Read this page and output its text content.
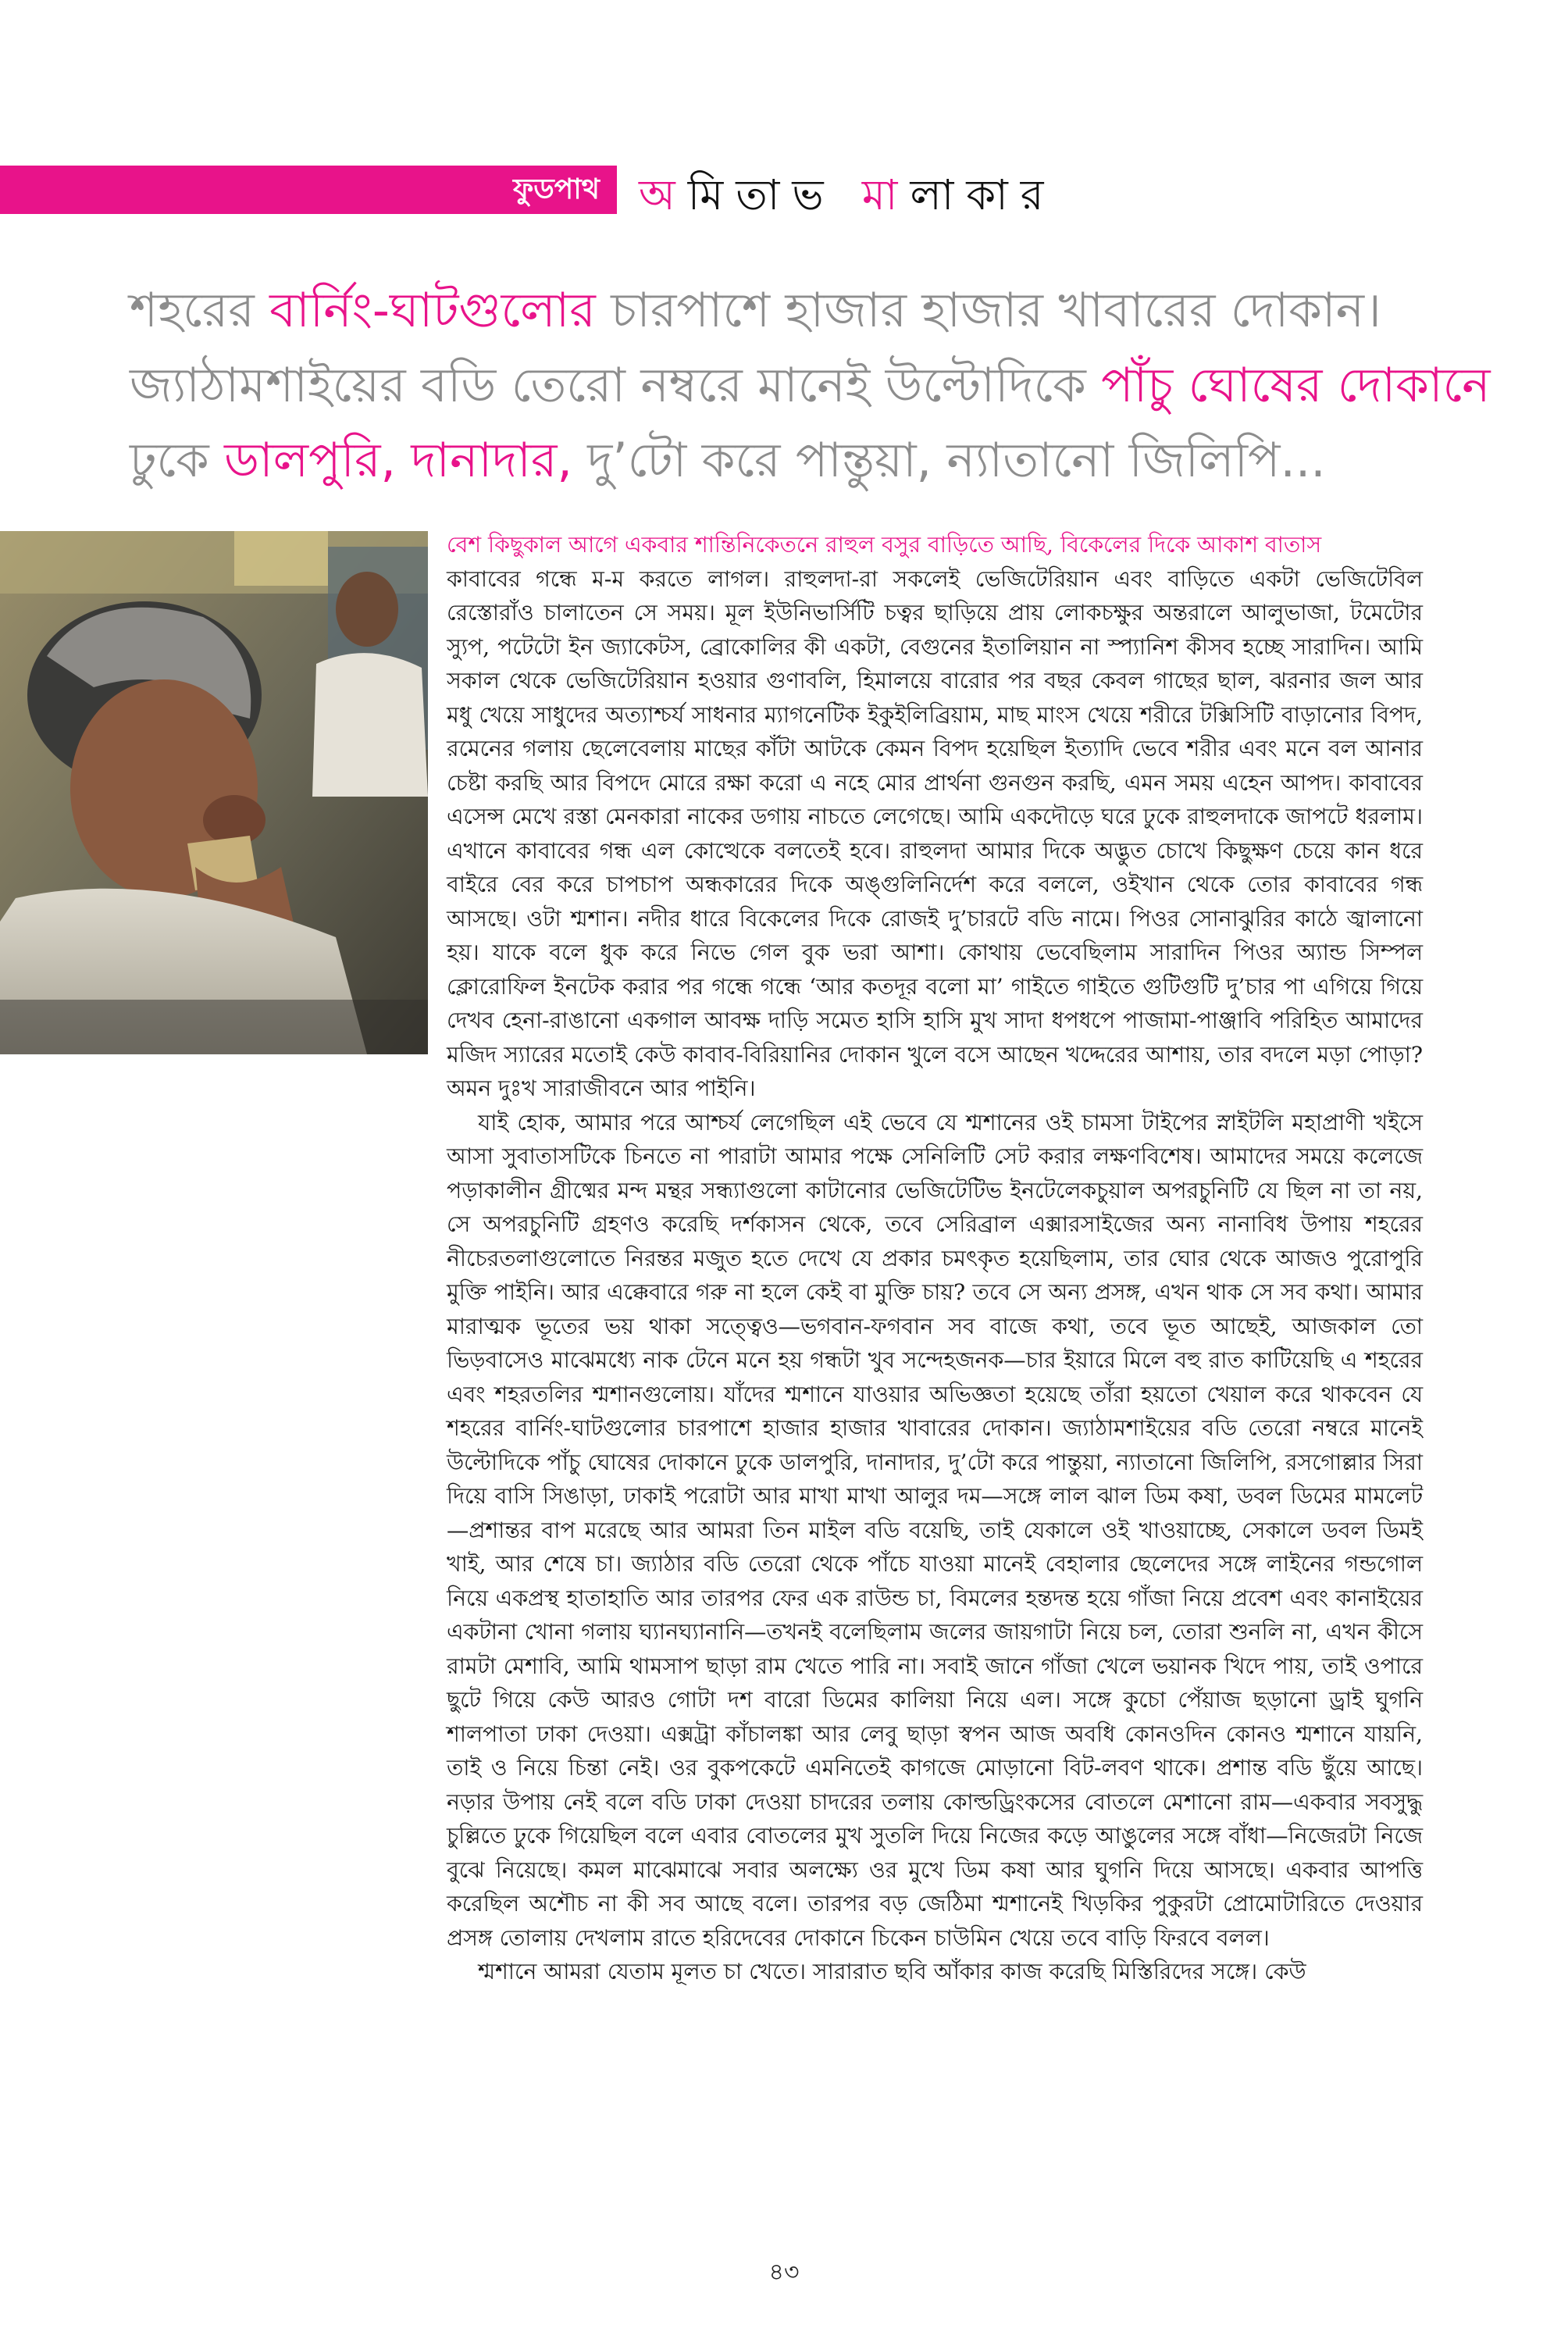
ফুডপাথ অমিতাভ মালাকার
শহরের বার্নিং-ঘাটগুলোর চারপাশে হাজার হাজার খাবারের দোকান।
জ্যাঠামশাইয়ের বডি তেরো নম্বরে মানেই উল্টোদিকে পাঁচু ঘোষের দোকানে
ঢুকে ডালপুরি, দানাদার, দু’টো করে পান্তুয়া, ন্যাতানো জিলিপি...

বেশ কিছুকাল আগে একবার শান্তিনিকেতনে রাহুল বসুর বাড়িতে আছি, বিকেলের দিকে আকাশ বাতাস

কাবাবের গন্ধে ম-ম করতে লাগল। রাহুলদা-রা সকলেই ভেজিটেরিয়ান এবং বাড়িতে একটা ভেজিটেবিল রেস্তোরাঁও চালাতেন সে সময়। মূল ইউনিভার্সিটি চত্বর ছাড়িয়ে প্রায় লোকচক্ষুর অন্তরালে আলুভাজা, টমেটোর স্যুপ, পটেটো ইন জ্যাকেটস, ব্রোকোলির কী একটা, বেগুনের ইতালিয়ান না স্প্যানিশ কীসব হচ্ছে সারাদিন। আমি সকাল থেকে ভেজিটেরিয়ান হওয়ার গুণাবলি, হিমালয়ে বারোর পর বছর কেবল গাছের ছাল, ঝরনার জল আর মধু খেয়ে সাধুদের অত্যাশ্চর্য সাধনার ম্যাগনেটিক ইকুইলিব্রিয়াম, মাছ মাংস খেয়ে শরীরে টক্সিসিটি বাড়ানোর বিপদ, রমেনের গলায় ছেলেবেলায় মাছের কাঁটা আটকে কেমন বিপদ হয়েছিল ইত্যাদি ভেবে শরীর এবং মনে বল আনার চেষ্টা করছি আর বিপদে মোরে রক্ষা করো এ নহে মোর প্রার্থনা গুনগুন করছি, এমন সময় এহেন আপদ। কাবাবের এসেন্স মেখে রস্তা মেনকারা নাকের ডগায় নাচতে লেগেছে। আমি একদৌড়ে ঘরে ঢুকে রাহুলদাকে জাপটে ধরলাম। এখানে কাবাবের গন্ধ এল কোত্থেকে বলতেই হবে। রাহুলদা আমার দিকে অদ্ভুত চোখে কিছুক্ষণ চেয়ে কান ধরে বাইরে বের করে চাপচাপ অন্ধকারের দিকে অঙ্গুলিনির্দেশ করে বললে, ওইখান থেকে তোর কাবাবের গন্ধ আসছে। ওটা শ্মশান। নদীর ধারে বিকেলের দিকে রোজই দু’চারটে বডি নামে। পিওর সোনাঝুরির কাঠে জ্বালানো হয়। যাকে বলে ধুক করে নিভে গেল বুক ভরা আশা। কোথায় ভেবেছিলাম সারাদিন পিওর অ্যান্ড সিম্পল ক্লোরোফিল ইনটেক করার পর গন্ধে গন্ধে ‘আর কতদূর বলো মা’ গাইতে গাইতে গুটিগুটি দু’চার পা এগিয়ে গিয়ে দেখব হেনা-রাঙানো একগাল আবক্ষ দাড়ি সমেত হাসি হাসি মুখ সাদা ধপধপে পাজামা-পাঞ্জাবি পরিহিত আমাদের মজিদ স্যারের মতোই কেউ কাবাব-বিরিয়ানির দোকান খুলে বসে আছেন খদ্দেরের আশায়, তার বদলে মড়া পোড়া? অমন দুঃখ সারাজীবনে আর পাইনি।

যাই হোক, আমার পরে আশ্চর্য লেগেছিল এই ভেবে যে শ্মশানের ওই চামসা টাইপের স্নাইটলি মহাপ্রাণী খইসে আসা সুবাতাসটিকে চিনতে না পারাটা আমার পক্ষে সেনিলিটি সেট করার লক্ষণবিশেষ। আমাদের সময়ে কলেজে পড়াকালীন গ্রীষ্মের মন্দ মন্থর সন্ধ্যাগুলো কাটানোর ভেজিটেটিভ ইনটেলেকচুয়াল অপরচুনিটি যে ছিল না তা নয়, সে অপরচুনিটি গ্রহণও করেছি দর্শকাসন থেকে, তবে সেরিব্রাল এক্সারসাইজের অন্য নানাবিধ উপায় শহরের নীচেরতলাগুলোতে নিরন্তর মজুত হতে দেখে যে প্রকার চমৎকৃত হয়েছিলাম, তার ঘোর থেকে আজও পুরোপুরি মুক্তি পাইনি। আর এক্কেবারে গরু না হলে কেই বা মুক্তি চায়? তবে সে অন্য প্রসঙ্গ, এখন থাক সে সব কথা। আমার মারাত্মক ভূতের ভয় থাকা সত্ত্বেও—ভগবান-ফগবান সব বাজে কথা, তবে ভূত আছেই, আজকাল তো ভিড়বাসেও মাঝেমধ্যে নাক টেনে মনে হয় গন্ধটা খুব সন্দেহজনক—চার ইয়ারে মিলে বহু রাত কাটিয়েছি এ শহরের এবং শহরতলির শ্মশানগুলোয়। যাঁদের শ্মশানে যাওয়ার অভিজ্ঞতা হয়েছে তাঁরা হয়তো খেয়াল করে থাকবেন যে শহরের বার্নিং-ঘাটগুলোর চারপাশে হাজার হাজার খাবারের দোকান। জ্যাঠামশাইয়ের বডি তেরো নম্বরে মানেই উল্টোদিকে পাঁচু ঘোষের দোকানে ঢুকে ডালপুরি, দানাদার, দু’টো করে পান্তুয়া, ন্যাতানো জিলিপি, রসগোল্লার সিরা দিয়ে বাসি সিঙাড়া, ঢাকাই পরোটা আর মাখা মাখা আলুর দম—সঙ্গে লাল ঝাল ডিম কষা, ডবল ডিমের মামলেট—প্রশান্তর বাপ মরেছে আর আমরা তিন মাইল বডি বয়েছি, তাই যেকালে ওই খাওয়াচ্ছে, সেকালে ডবল ডিমই খাই, আর শেষে চা। জ্যাঠার বডি তেরো থেকে পাঁচে যাওয়া মানেই বেহালার ছেলেদের সঙ্গে লাইনের গন্ডগোল নিয়ে একপ্রস্থ হাতাহাতি আর তারপর ফের এক রাউন্ড চা, বিমলের হন্তদন্ত হয়ে গাঁজা নিয়ে প্রবেশ এবং কানাইয়ের একটানা খোনা গলায় ঘ্যানঘ্যানানি—তখনই বলেছিলাম জলের জায়গাটা নিয়ে চল, তোরা শুনলি না, এখন কীসে রামটা মেশাবি, আমি থামসাপ ছাড়া রাম খেতে পারি না। সবাই জানে গাঁজা খেলে ভয়ানক খিদে পায়, তাই ওপারে ছুটে গিয়ে কেউ আরও গোটা দশ বারো ডিমের কালিয়া নিয়ে এল। সঙ্গে কুচো পেঁয়াজ ছড়ানো ড্রাই ঘুগনি শালপাতা ঢাকা দেওয়া। এক্সট্রা কাঁচালঙ্কা আর লেবু ছাড়া স্বপন আজ অবধি কোনওদিন কোনও শ্মশানে যায়নি, তাই ও নিয়ে চিন্তা নেই। ওর বুকপকেটে এমনিতেই কাগজে মোড়ানো বিট-লবণ থাকে। প্রশান্ত বডি ছুঁয়ে আছে। নড়ার উপায় নেই বলে বডি ঢাকা দেওয়া চাদরের তলায় কোল্ডড্রিংকসের বোতলে মেশানো রাম—একবার সবসুদ্ধু চুল্লিতে ঢুকে গিয়েছিল বলে এবার বোতলের মুখ সুতলি দিয়ে নিজের কড়ে আঙুলের সঙ্গে বাঁধা—নিজেরটা নিজে বুঝে নিয়েছে। কমল মাঝেমাঝে সবার অলক্ষ্যে ওর মুখে ডিম কষা আর ঘুগনি দিয়ে আসছে। একবার আপত্তি করেছিল অশৌচ না কী সব আছে বলে। তারপর বড় জেঠিমা শ্মশানেই খিড়কির পুকুরটা প্রোমোটারিতে দেওয়ার প্রসঙ্গ তোলায় দেখলাম রাতে হরিদেবের দোকানে চিকেন চাউমিন খেয়ে তবে বাড়ি ফিরবে বলল।

শ্মশানে আমরা যেতাম মূলত চা খেতে। সারারাত ছবি আঁকার কাজ করেছি মিস্তিরিদের সঙ্গে। কেউ

৪৩
